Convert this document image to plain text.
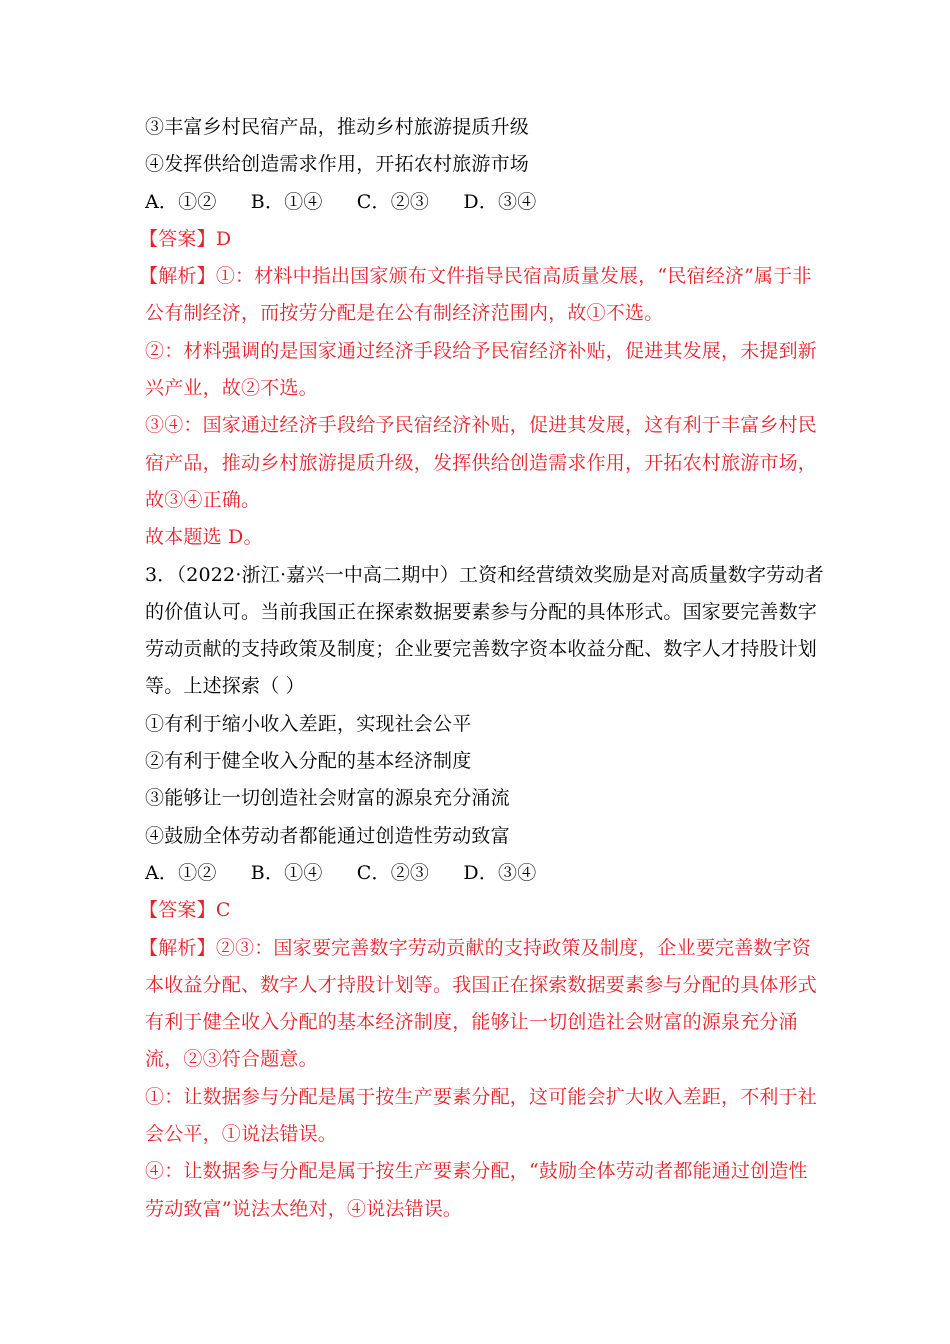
③丰富乡村民宿产品，推动乡村旅游提质升级
④发挥供给创造需求作用，开拓农村旅游市场
A．①② B．①④ C．②③ D．③④
【答案】D
【解析】①：材料中指出国家颁布文件指导民宿高质量发展，“民宿经济”属于非
公有制经济，而按劳分配是在公有制经济范围内，故①不选。
②：材料强调的是国家通过经济手段给予民宿经济补贴，促进其发展，未提到新
兴产业，故②不选。
③④：国家通过经济手段给予民宿经济补贴，促进其发展，这有利于丰富乡村民
宿产品，推动乡村旅游提质升级，发挥供给创造需求作用，开拓农村旅游市场，
故③④正确。
故本题选 D。
3．（2022·浙江·嘉兴一中高二期中）工资和经营绩效奖励是对高质量数字劳动者
的价值认可。当前我国正在探索数据要素参与分配的具体形式。国家要完善数字
劳动贡献的支持政策及制度；企业要完善数字资本收益分配、数字人才持股计划
等。上述探索（ ）
①有利于缩小收入差距，实现社会公平
②有利于健全收入分配的基本经济制度
③能够让一切创造社会财富的源泉充分涌流
④鼓励全体劳动者都能通过创造性劳动致富
A．①② B．①④ C．②③ D．③④
【答案】C
【解析】②③：国家要完善数字劳动贡献的支持政策及制度，企业要完善数字资
本收益分配、数字人才持股计划等。我国正在探索数据要素参与分配的具体形式
有利于健全收入分配的基本经济制度，能够让一切创造社会财富的源泉充分涌
流，②③符合题意。
①：让数据参与分配是属于按生产要素分配，这可能会扩大收入差距，不利于社
会公平，①说法错误。
④：让数据参与分配是属于按生产要素分配，“鼓励全体劳动者都能通过创造性
劳动致富”说法太绝对，④说法错误。
